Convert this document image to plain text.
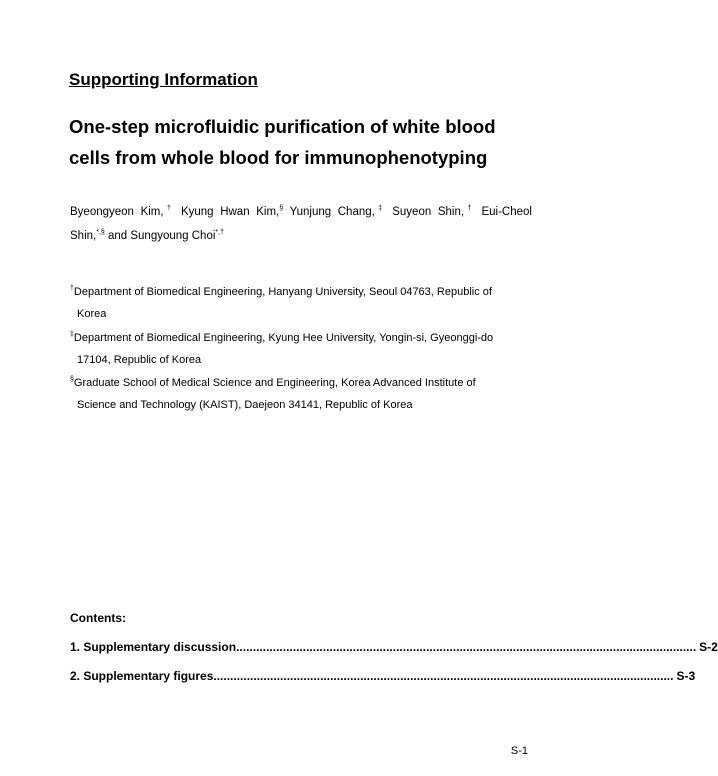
Supporting Information
One-step microfluidic purification of white blood
cells from whole blood for immunophenotyping
Byeongyeon Kim,† Kyung Hwan Kim,§ Yunjung Chang,‡ Suyeon Shin,† Eui-Cheol
Shin,*,§ and Sungyoung Choi*,†
†Department of Biomedical Engineering, Hanyang University, Seoul 04763, Republic of
Korea
‡Department of Biomedical Engineering, Kyung Hee University, Yongin-si, Gyeonggi-do
17104, Republic of Korea
§Graduate School of Medical Science and Engineering, Korea Advanced Institute of
Science and Technology (KAIST), Daejeon 34141, Republic of Korea
Contents:
1. Supplementary discussion .......................................................................................................................................... S-2
2. Supplementary figures .......................................................................................................................................... S-3
S-1
